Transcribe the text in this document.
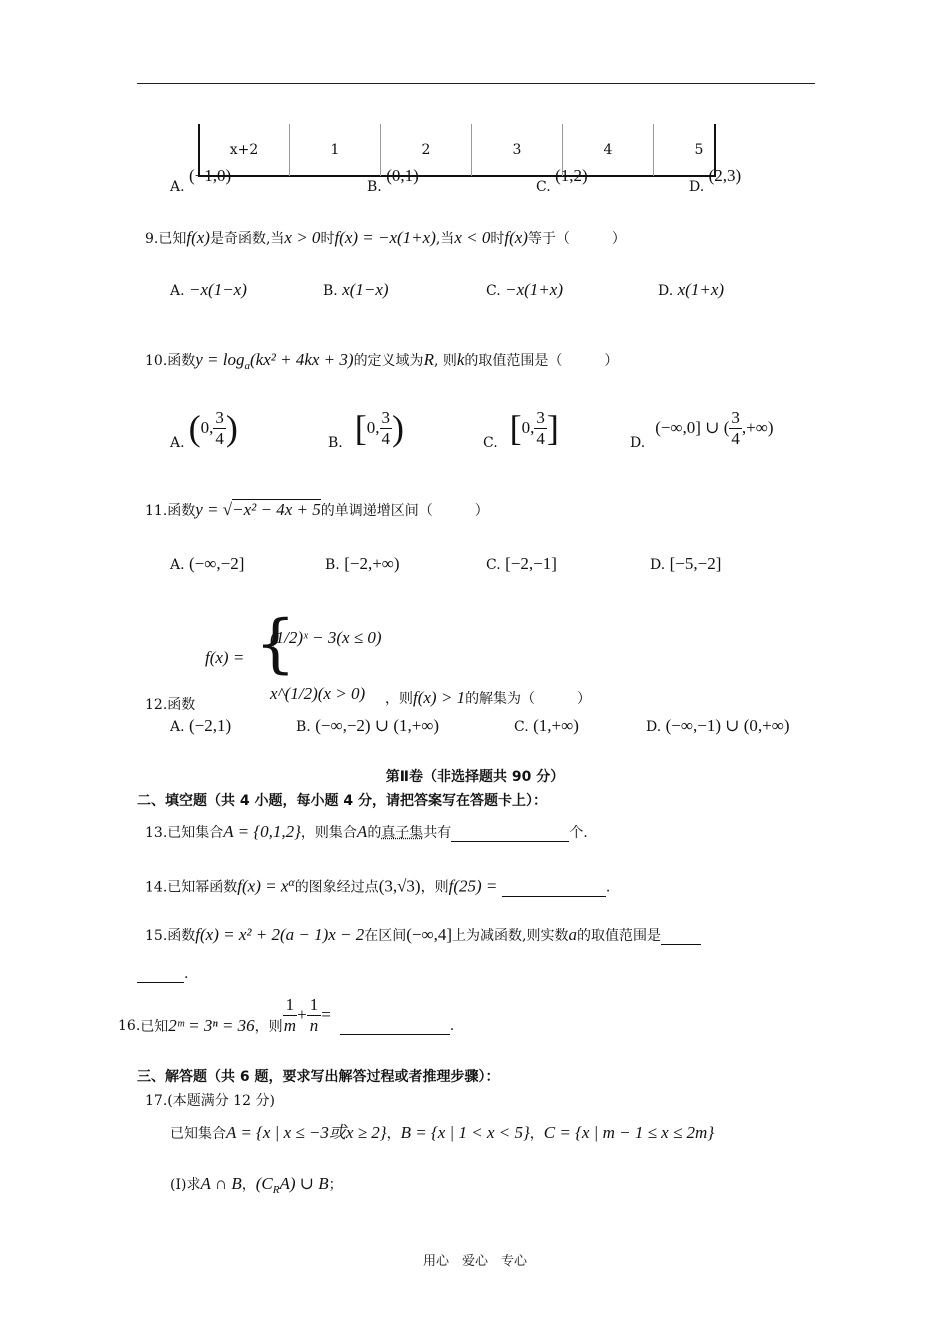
x+2	1	2	3	4	5
A. (−1,0)
B. (0,1)
C. (1,2)
D. (2,3)
9.已知f(x)是奇函数,当x > 0时f(x) = −x(1+x),当x < 0时f(x)等于（　　　）
A. −x(1−x)	B. x(1−x)	C. −x(1+x)	D. x(1+x)
10.函数$y = \log_a(kx^2 + 4kx + 3)$的定义域为R, 则k的取值范围是（　　　）
A. ( 0, $\frac{3}{4}$ )	B. [ 0, $\frac{3}{4}$ )	C. [ 0, $\frac{3}{4}$ ]	D.
(−∞,0] ∪ ( $\frac{3}{4}$ ,+∞)
11.函数y = √−x² − 4x + 5的单调递增区间（　　　）
A. (−∞,−2]	B. [−2,+∞)	C. [−2,−1]	D. [−5,−2]
f(x) = {
(1/2)ˣ − 3(x ≤ 0)
x^(1/2)(x > 0)
12.函数	，则f(x) > 1的解集为（　　　）
A. (−2,1)	B. (−∞,−2) ∪ (1,+∞)	C. (1,+∞)	D. (−∞,−1) ∪ (0,+∞)
第Ⅱ卷（非选择题共 90 分）
二、填空题（共 4 小题，每小题 4 分，请把答案写在答题卡上）：
13.已知集合A = {0,1,2}，则集合A的真子集共有	个.
14.已知幂函数$f(x) = x^\alpha$的图象经过点(3,√3)，则f(25) =	.
15.函数f(x) = x² + 2(a − 1)x − 2在区间(−∞,4]上为减函数,则实数a的取值范围是
.
16. 已知 2ᵐ = 3ⁿ = 36 ，则 $\frac{1}{m} + \frac{1}{n}$ =

.
三、解答题（共 6 题，要求写出解答过程或者推理步骤）：
17.(本题满分 12 分)
已知集合A = {x | x ≤ −3或x ≥ 2}，B = {x | 1 < x < 5}，C = {x | m − 1 ≤ x ≤ 2m}
(Ⅰ)求A ∩ B，$(C_RA)$ ∪ B；
用心　爱心　专心
